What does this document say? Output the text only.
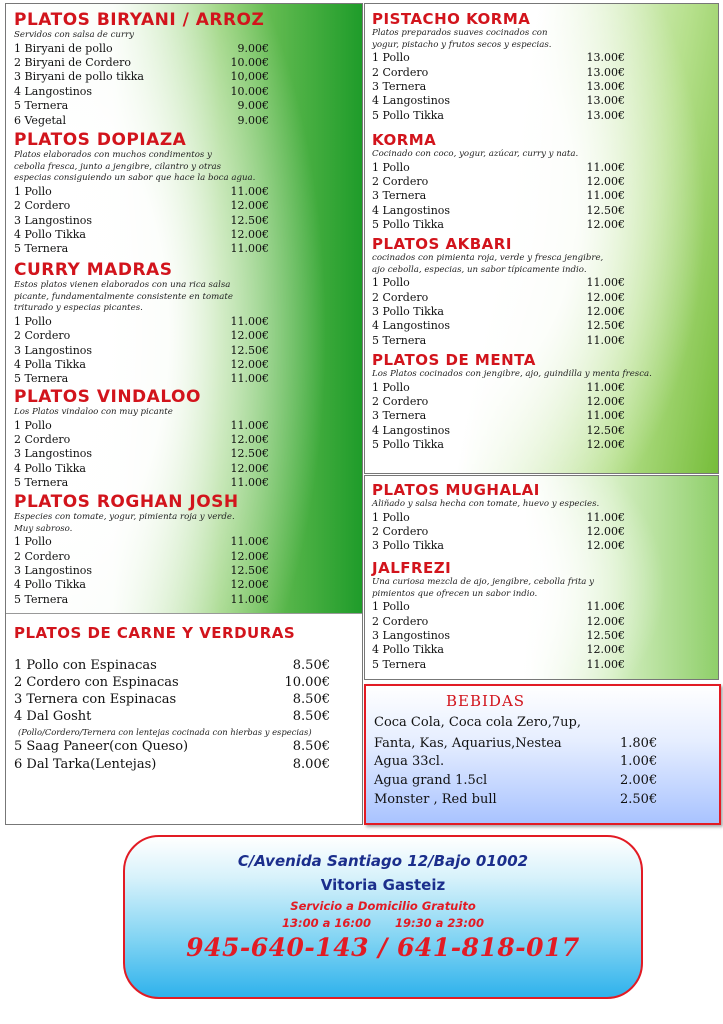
PLATOS BIRYANI / ARROZ
Servidos con salsa de curry
1 Biryani de pollo	9.00€
2 Biryani de Cordero	10.00€
3 Biryani de pollo tikka	10,00€
4 Langostinos	10.00€
5 Ternera	9.00€
6 Vegetal	9.00€
PLATOS DOPIAZA
Platos elaborados con muchos condimentos y
cebolla fresca, junto a jengibre, cilantro y otras
especias consiguiendo un sabor que hace la boca agua.
1 Pollo	11.00€
2 Cordero	12.00€
3 Langostinos	12.50€
4 Pollo Tikka	12.00€
5 Ternera	11.00€
CURRY MADRAS
Estos platos vienen elaborados con una rica salsa
picante, fundamentalmente consistente en tomate
triturado y especias picantes.
1 Pollo	11.00€
2 Cordero	12.00€
3 Langostinos	12.50€
4 Polla Tikka	12.00€
5 Ternera	11.00€
PLATOS VINDALOO
Los Platos vindaloo con muy picante
1 Pollo	11.00€
2 Cordero	12.00€
3 Langostinos	12.50€
4 Pollo Tikka	12.00€
5 Ternera	11.00€
PLATOS ROGHAN JOSH
Especies con tomate, yogur, pimienta roja y verde.
Muy sabroso.
1 Pollo	11.00€
2 Cordero	12.00€
3 Langostinos	12.50€
4 Pollo Tikka	12.00€
5 Ternera	11.00€
PLATOS DE CARNE Y VERDURAS
1 Pollo con Espinacas	8.50€
2 Cordero con Espinacas	10.00€
3 Ternera con Espinacas	8.50€
4 Dal Gosht	8.50€
5 Saag Paneer(con Queso)	8.50€
6 Dal Tarka(Lentejas)	8.00€
(Pollo/Cordero/Ternera con lentejas cocinada con hierbas y especias)
PISTACHO KORMA
Platos preparados suaves cocinados con
yogur, pistacho y frutos secos y especias.
1 Pollo	13.00€
2 Cordero	13.00€
3 Ternera	13.00€
4 Langostinos	13.00€
5 Pollo Tikka	13.00€
KORMA
Cocinado con coco, yogur, azúcar, curry y nata.
1 Pollo	11.00€
2 Cordero	12.00€
3 Ternera	11.00€
4 Langostinos	12.50€
5 Pollo Tikka	12.00€
PLATOS AKBARI
cocinados con pimienta roja, verde y fresca jengibre,
ajo cebolla, especias, un sabor típicamente indio.
1 Pollo	11.00€
2 Cordero	12.00€
3 Pollo Tikka	12.00€
4 Langostinos	12.50€
5 Ternera	11.00€
PLATOS DE MENTA
Los Platos cocinados con jengibre, ajo, guindilla y menta fresca.
1 Pollo	11.00€
2 Cordero	12.00€
3 Ternera	11.00€
4 Langostinos	12.50€
5 Pollo Tikka	12.00€
PLATOS MUGHALAI
Aliñado y salsa hecha con tomate, huevo y especies.
1 Pollo	11.00€
2 Cordero	12.00€
3 Pollo Tikka	12.00€
JALFREZI
Una curiosa mezcla de ajo, jengibre, cebolla frita y
pimientos que ofrecen un sabor indio.
1 Pollo	11.00€
2 Cordero	12.00€
3 Langostinos	12.50€
4 Pollo Tikka	12.00€
5 Ternera	11.00€
BEBIDAS
Coca Cola, Coca cola Zero,7up,
Fanta, Kas, Aquarius,Nestea	1.80€
Agua 33cl.	1.00€
Agua grand 1.5cl	2.00€
Monster , Red bull	2.50€
C/Avenida Santiago 12/Bajo 01002
Vitoria Gasteiz
Servicio a Domicilio Gratuito
13:00 a 16:00      19:30 a 23:00
945-640-143 / 641-818-017
